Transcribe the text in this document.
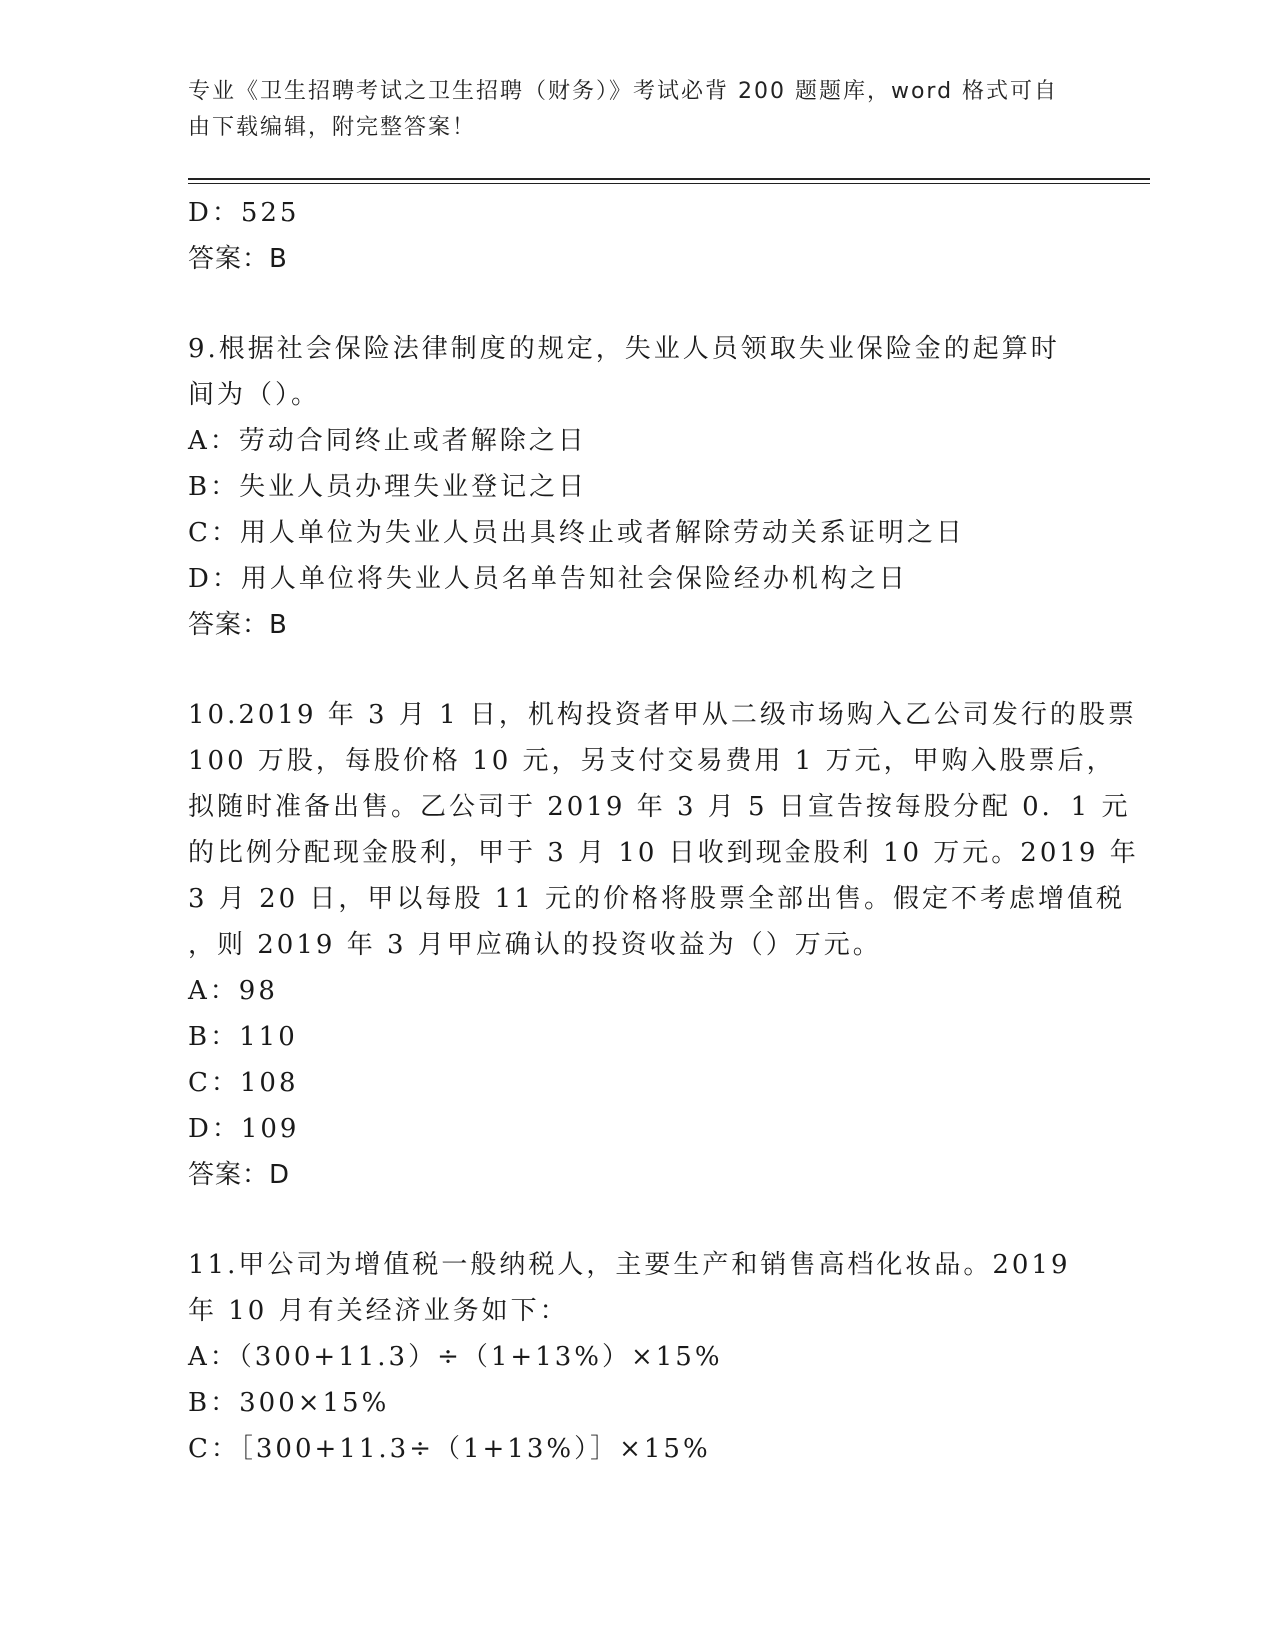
专业《卫生招聘考试之卫生招聘（财务）》考试必背 200 题题库，word 格式可自
由下载编辑，附完整答案！
D：525
答案：B
9.根据社会保险法律制度的规定，失业人员领取失业保险金的起算时
间为（）。
A：劳动合同终止或者解除之日
B：失业人员办理失业登记之日
C：用人单位为失业人员出具终止或者解除劳动关系证明之日
D：用人单位将失业人员名单告知社会保险经办机构之日
答案：B
10.2019 年 3 月 1 日，机构投资者甲从二级市场购入乙公司发行的股票
100 万股，每股价格 10 元，另支付交易费用 1 万元，甲购入股票后，
拟随时准备出售。乙公司于 2019 年 3 月 5 日宣告按每股分配 0．1 元
的比例分配现金股利，甲于 3 月 10 日收到现金股利 10 万元。2019 年
3 月 20 日，甲以每股 11 元的价格将股票全部出售。假定不考虑增值税
，则 2019 年 3 月甲应确认的投资收益为（）万元。
A：98
B：110
C：108
D：109
答案：D
11.甲公司为增值税一般纳税人，主要生产和销售高档化妆品。2019
年 10 月有关经济业务如下：
A：（300+11.3）÷（1+13%）×15%
B：300×15%
C：［300+11.3÷（1+13%）］×15%
